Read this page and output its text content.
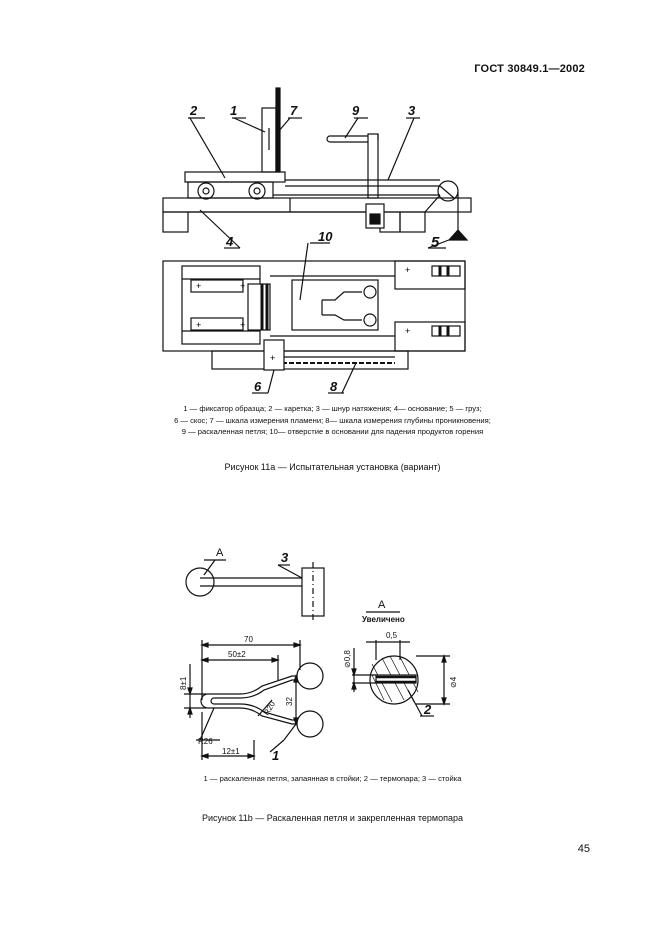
ГОСТ 30849.1—2002
2	1	7	9	3
4	5
10
6	8
+	+
+	+
+
+
+
А	3
А
Увеличено
70
50±2
8±1
32
R20
R26
12±1 1
⊘0,8
0,5
⊘4
2
1 — фиксатор образца; 2 — каретка; 3 — шнур натяжения; 4— основание; 5 — груз;
6 — скос; 7 — шкала измерения пламени; 8— шкала измерения глубины проникновения;
9 — раскаленная петля; 10— отверстие в основании для падения продуктов горения
Рисунок 11а — Испытательная установка (вариант)
1 — раскаленная петля, запаянная в стойки; 2 — термопара; 3 — стойка
Рисунок 11b — Раскаленная петля и закрепленная термопара
45
